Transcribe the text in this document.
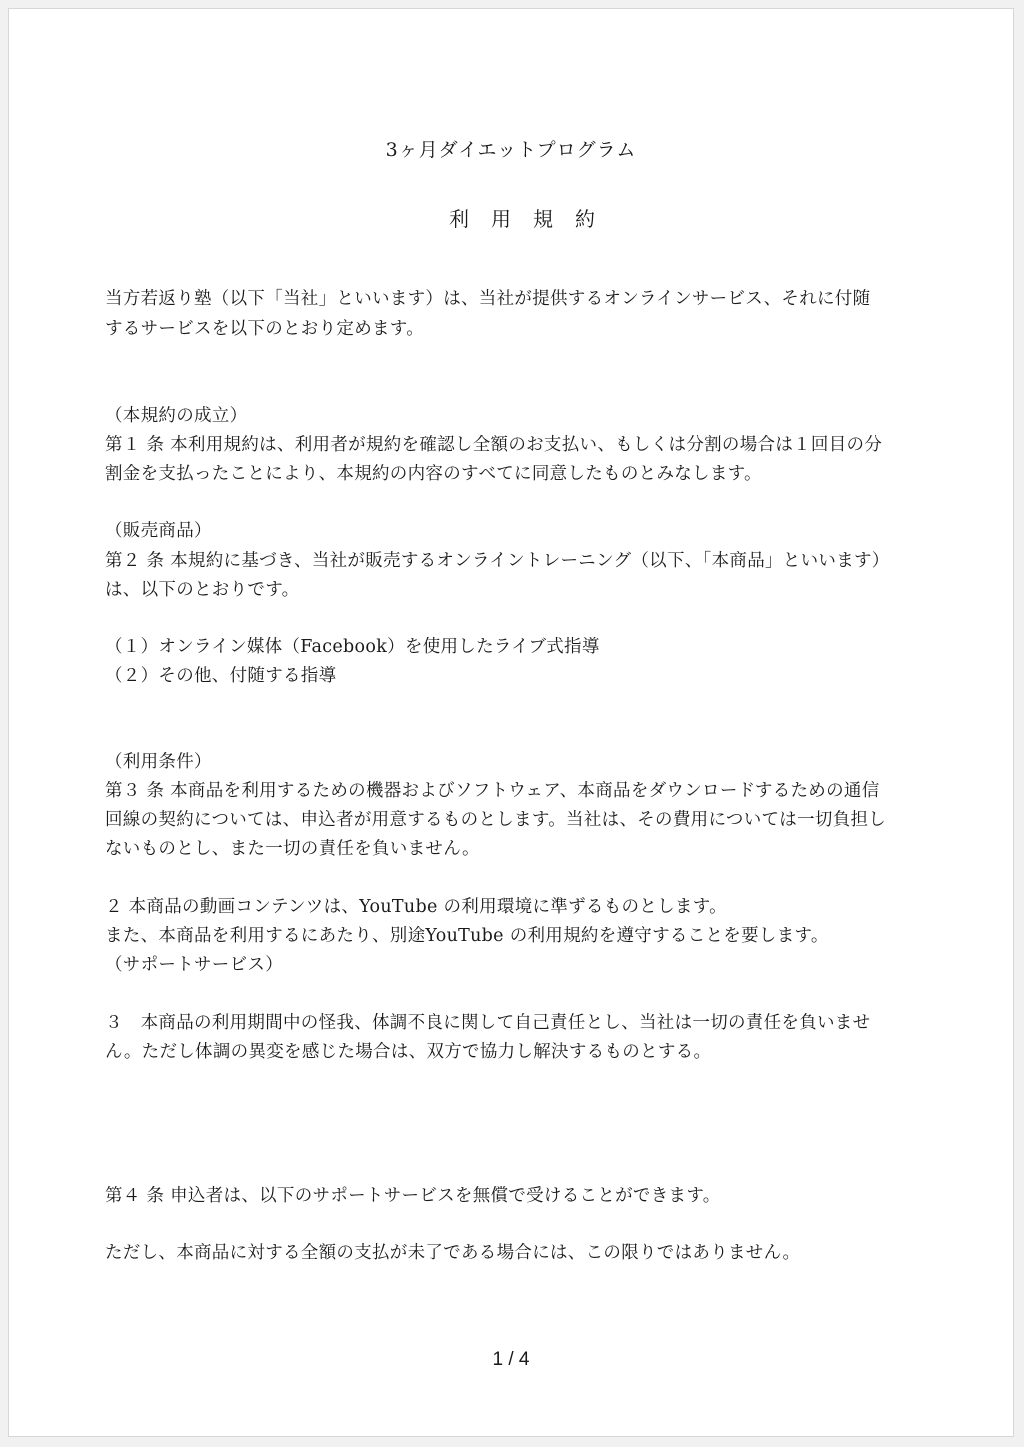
3ヶ月ダイエットプログラム
利用規約
当方若返り塾（以下「当社」といいます）は、当社が提供するオンラインサービス、それに付随
するサービスを以下のとおり定めます。
（本規約の成立）
第１ 条 本利用規約は、利用者が規約を確認し全額のお支払い、もしくは分割の場合は１回目の分
割金を支払ったことにより、本規約の内容のすべてに同意したものとみなします。
（販売商品）
第２ 条 本規約に基づき、当社が販売するオンライントレーニング（以下、「本商品」といいます）
は、以下のとおりです。
（１）オンライン媒体（Facebook）を使用したライブ式指導
（２）その他、付随する指導
（利用条件）
第３ 条 本商品を利用するための機器およびソフトウェア、本商品をダウンロードするための通信
回線の契約については、申込者が用意するものとします。当社は、その費用については一切負担し
ないものとし、また一切の責任を負いません。
２ 本商品の動画コンテンツは、YouTube の利用環境に準ずるものとします。
また、本商品を利用するにあたり、別途YouTube の利用規約を遵守することを要します。
（サポートサービス）
３　本商品の利用期間中の怪我、体調不良に関して自己責任とし、当社は一切の責任を負いませ
ん。ただし体調の異変を感じた場合は、双方で協力し解決するものとする。
第４ 条 申込者は、以下のサポートサービスを無償で受けることができます。
ただし、本商品に対する全額の支払が未了である場合には、この限りではありません。
1 / 4
